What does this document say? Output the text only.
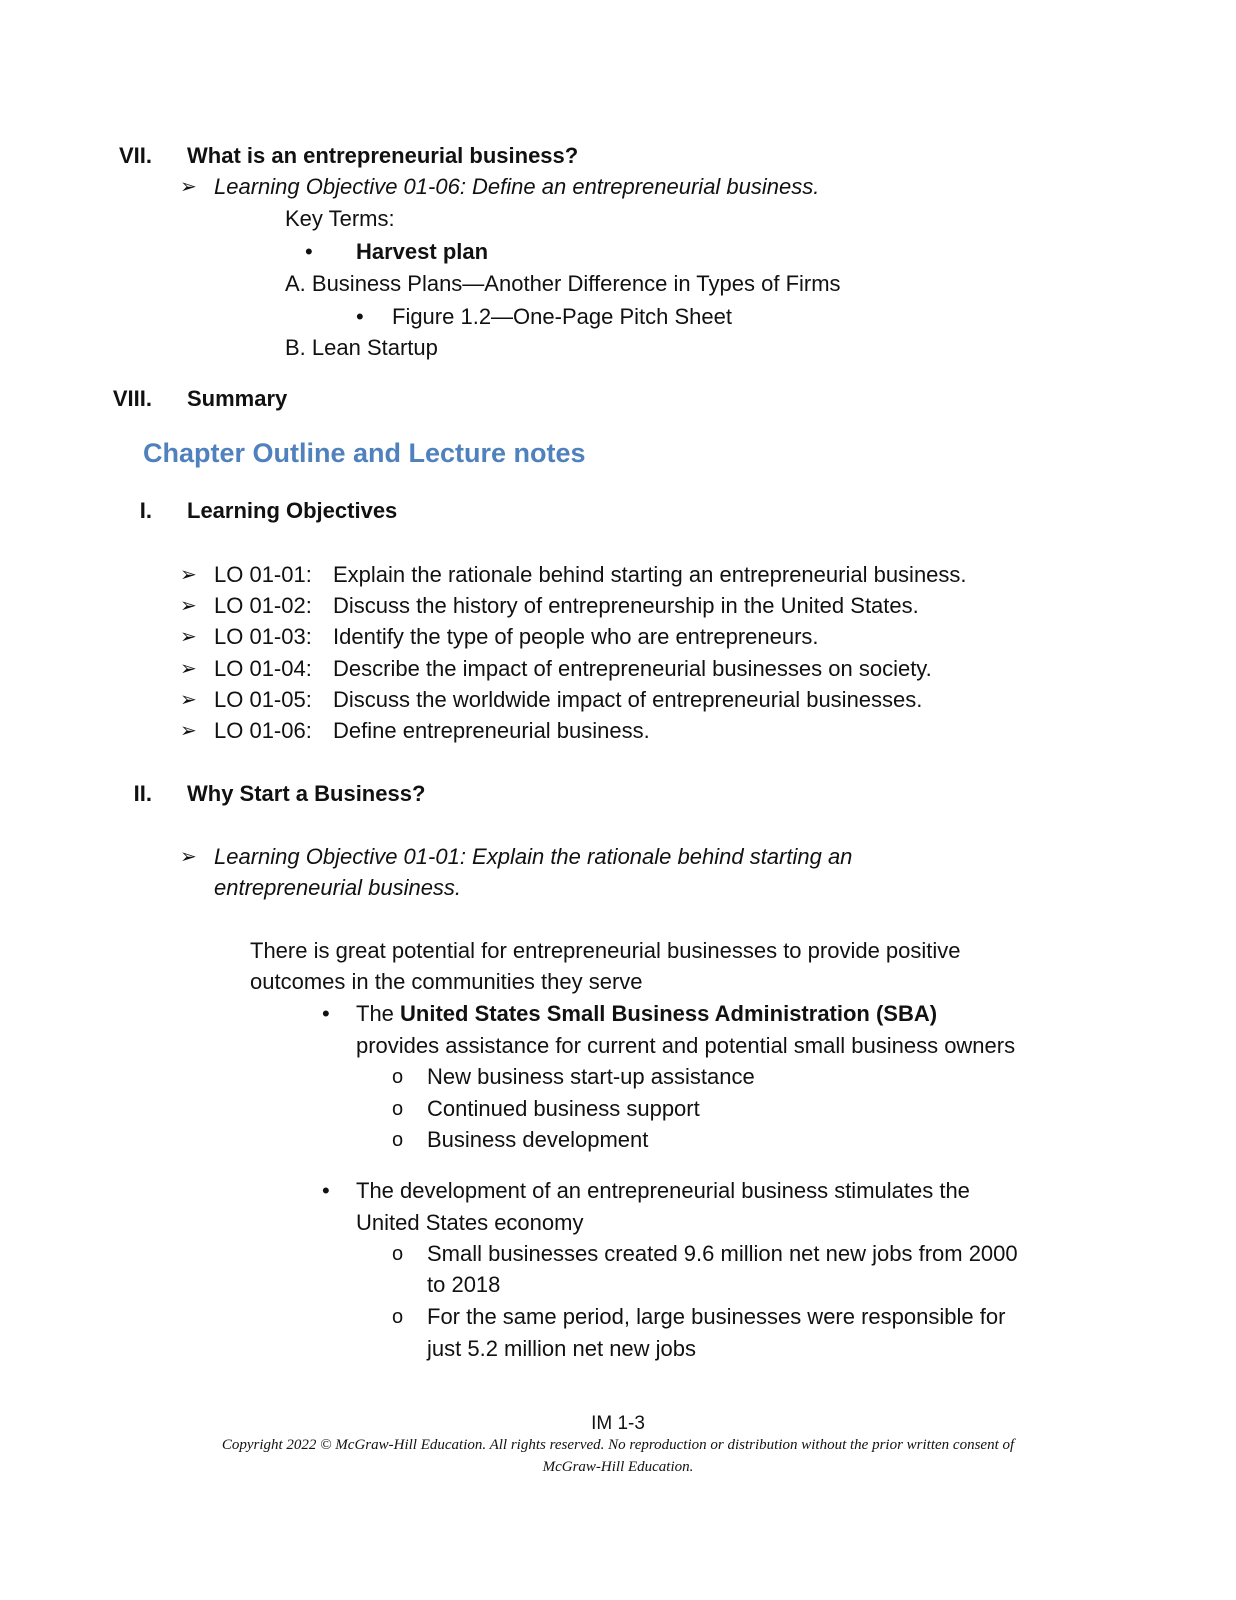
VII. What is an entrepreneurial business?
➢ Learning Objective 01-06: Define an entrepreneurial business.
Key Terms:
• Harvest plan
A. Business Plans—Another Difference in Types of Firms
• Figure 1.2—One-Page Pitch Sheet
B. Lean Startup
VIII. Summary
Chapter Outline and Lecture notes
I. Learning Objectives
➢ LO 01-01: Explain the rationale behind starting an entrepreneurial business.
➢ LO 01-02: Discuss the history of entrepreneurship in the United States.
➢ LO 01-03: Identify the type of people who are entrepreneurs.
➢ LO 01-04: Describe the impact of entrepreneurial businesses on society.
➢ LO 01-05: Discuss the worldwide impact of entrepreneurial businesses.
➢ LO 01-06: Define entrepreneurial business.
II. Why Start a Business?
➢ Learning Objective 01-01: Explain the rationale behind starting an
entrepreneurial business.
There is great potential for entrepreneurial businesses to provide positive
outcomes in the communities they serve
• The United States Small Business Administration (SBA)
provides assistance for current and potential small business owners
o New business start-up assistance
o Continued business support
o Business development
• The development of an entrepreneurial business stimulates the
United States economy
o Small businesses created 9.6 million net new jobs from 2000
to 2018
o For the same period, large businesses were responsible for
just 5.2 million net new jobs
IM 1-3
Copyright 2022 © McGraw-Hill Education. All rights reserved. No reproduction or distribution without the prior written consent of
McGraw-Hill Education.
